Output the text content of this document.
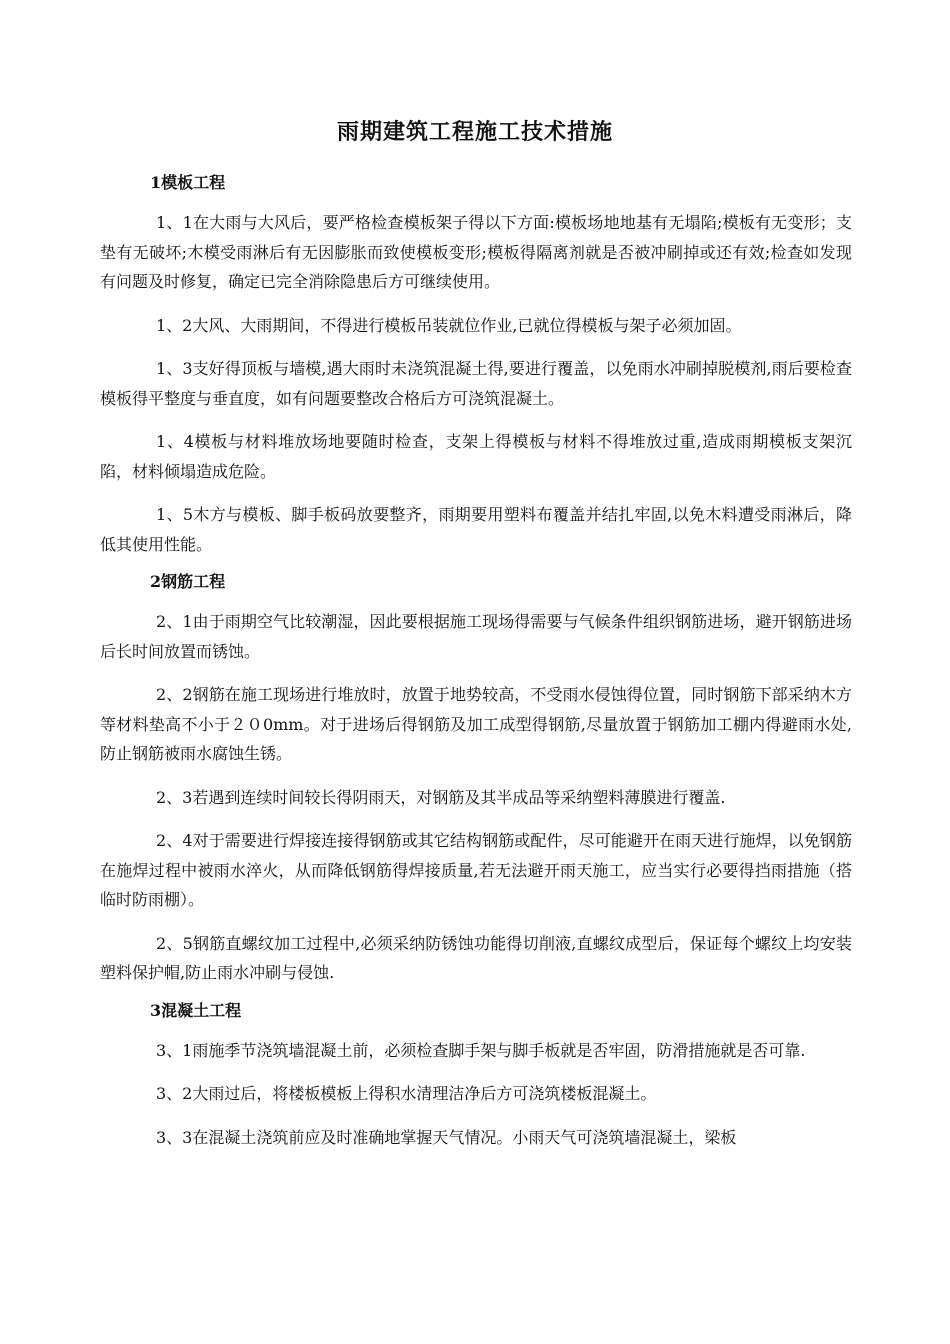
雨期建筑工程施工技术措施

1模板工程

1、1在大雨与大风后，要严格检查模板架子得以下方面:模板场地地基有无塌陷;模板有无变形；支垫有无破坏;木模受雨淋后有无因膨胀而致使模板变形;模板得隔离剂就是否被冲刷掉或还有效;检查如发现有问题及时修复，确定已完全消除隐患后方可继续使用。

1、2大风、大雨期间，不得进行模板吊装就位作业,已就位得模板与架子必须加固。

1、3支好得顶板与墙模,遇大雨时未浇筑混凝土得,要进行覆盖，以免雨水冲刷掉脱模剂,雨后要检查模板得平整度与垂直度，如有问题要整改合格后方可浇筑混凝土。

1、4模板与材料堆放场地要随时检查，支架上得模板与材料不得堆放过重,造成雨期模板支架沉陷，材料倾塌造成危险。

1、5木方与模板、脚手板码放要整齐，雨期要用塑料布覆盖并结扎牢固,以免木料遭受雨淋后，降低其使用性能。

2钢筋工程

2、1由于雨期空气比较潮湿，因此要根据施工现场得需要与气候条件组织钢筋进场，避开钢筋进场后长时间放置而锈蚀。

2、2钢筋在施工现场进行堆放时，放置于地势较高，不受雨水侵蚀得位置，同时钢筋下部采纳木方等材料垫高不小于２０0mm。对于进场后得钢筋及加工成型得钢筋,尽量放置于钢筋加工棚内得避雨水处,防止钢筋被雨水腐蚀生锈。

2、3若遇到连续时间较长得阴雨天，对钢筋及其半成品等采纳塑料薄膜进行覆盖.

2、4对于需要进行焊接连接得钢筋或其它结构钢筋或配件，尽可能避开在雨天进行施焊，以免钢筋在施焊过程中被雨水淬火，从而降低钢筋得焊接质量,若无法避开雨天施工，应当实行必要得挡雨措施（搭临时防雨棚）。

2、5钢筋直螺纹加工过程中,必须采纳防锈蚀功能得切削液,直螺纹成型后，保证每个螺纹上均安装塑料保护帽,防止雨水冲刷与侵蚀.

3混凝土工程

3、1雨施季节浇筑墙混凝土前，必须检查脚手架与脚手板就是否牢固，防滑措施就是否可靠.

3、2大雨过后，将楼板模板上得积水清理洁净后方可浇筑楼板混凝土。

3、3在混凝土浇筑前应及时准确地掌握天气情况。小雨天气可浇筑墙混凝土，梁板
